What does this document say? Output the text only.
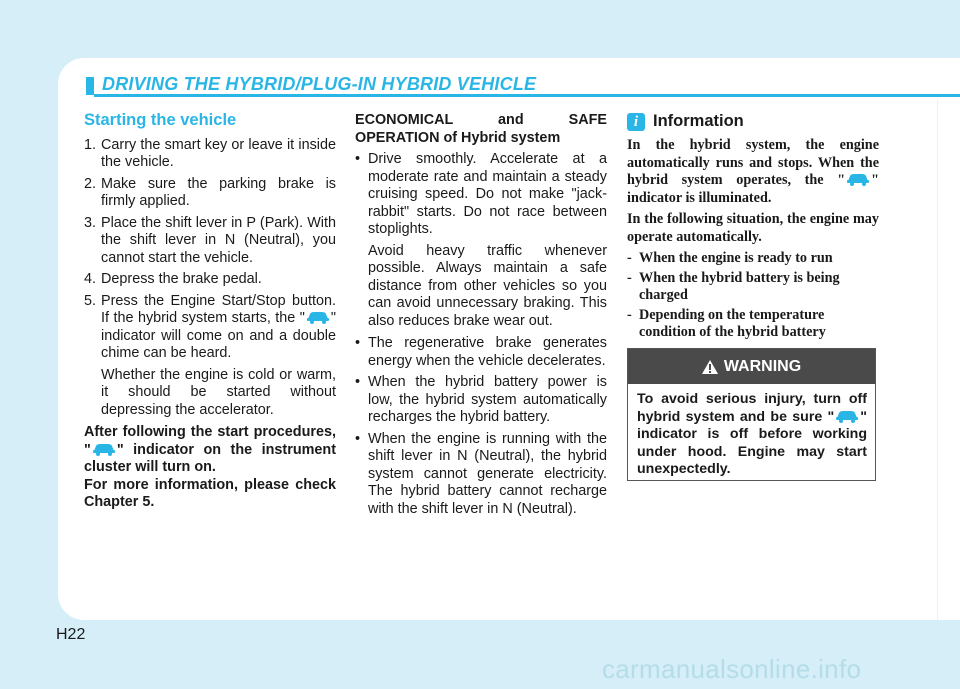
DRIVING THE HYBRID/PLUG-IN HYBRID VEHICLE
Starting the vehicle
1. Carry the smart key or leave it inside the vehicle.
2. Make sure the parking brake is firmly applied.
3. Place the shift lever in P (Park). With the shift lever in N (Neutral), you cannot start the vehicle.
4. Depress the brake pedal.
5. Press the Engine Start/Stop button. If the hybrid system starts, the " " indicator will come on and a double chime can be heard.
Whether the engine is cold or warm, it should be started without depressing the accelerator.

After following the start procedures, " " indicator on the instrument cluster will turn on.

For more information, please check Chapter 5.

ECONOMICAL and SAFE OPERATION of Hybrid system

• Drive smoothly. Accelerate at a moderate rate and maintain a steady cruising speed. Do not make "jack-rabbit" starts. Do not race between stoplights.
Avoid heavy traffic whenever possible. Always maintain a safe distance from other vehicles so you can avoid unnecessary braking. This also reduces brake wear out.
• The regenerative brake generates energy when the vehicle decelerates.
• When the hybrid battery power is low, the hybrid system automatically recharges the hybrid battery.
• When the engine is running with the shift lever in N (Neutral), the hybrid system cannot generate electricity. The hybrid battery cannot recharge with the shift lever in N (Neutral).
i Information

In the hybrid system, the engine automatically runs and stops. When the hybrid system operates, the " " indicator is illuminated.

In the following situation, the engine may operate automatically.

- When the engine is ready to run
- When the hybrid battery is being charged
- Depending on the temperature condition of the hybrid battery
WARNING
To avoid serious injury, turn off hybrid system and be sure " " indicator is off before working under hood. Engine may start unexpectedly.
H22
carmanualsonline.info
